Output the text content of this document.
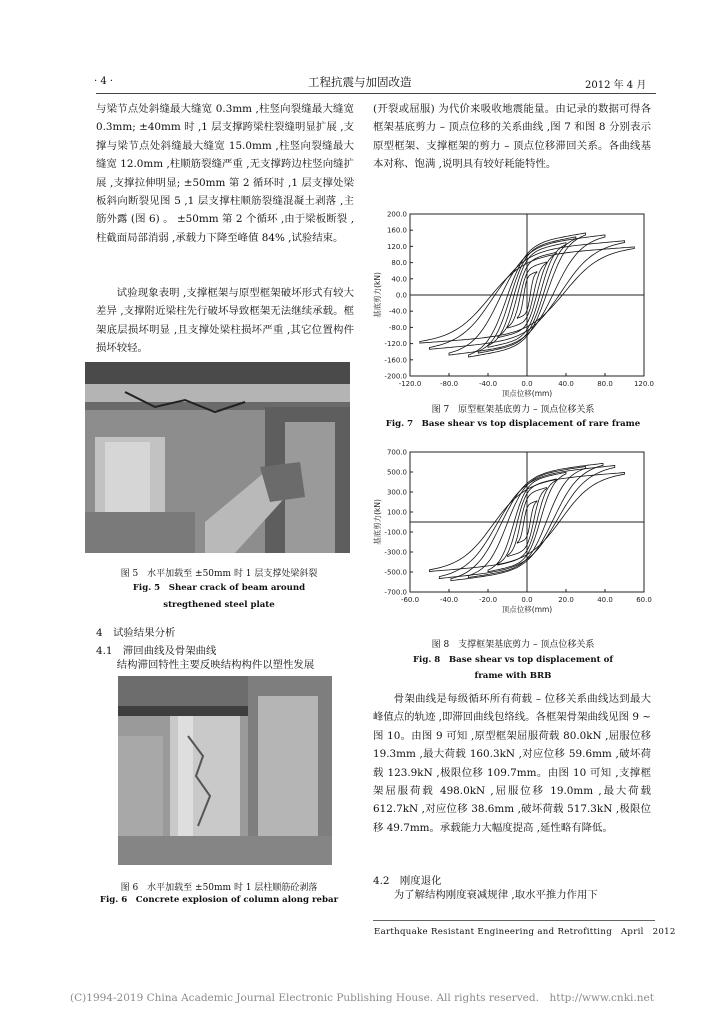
· 4 ·	工程抗震与加固改造	2012 年 4 月

与梁节点处斜缝最大缝宽 0.3mm ,柱竖向裂缝最大缝宽 0.3mm; ±40mm 时 ,1 层支撑跨梁柱裂缝明显扩展 ,支撑与梁节点处斜缝最大缝宽 15.0mm ,柱竖向裂缝最大缝宽 12.0mm ,柱顺筋裂缝严重 ,无支撑跨边柱竖向缝扩展 ,支撑拉伸明显; ±50mm 第 2 循环时 ,1 层支撑处梁板斜向断裂见图 5 ,1 层支撑柱顺筋裂缝混凝土剥落 ,主筋外露 (图 6) 。 ±50mm 第 2 个循环 ,由于梁板断裂 ,柱截面局部消弱 ,承载力下降至峰值 84% ,试验结束。

试验现象表明 ,支撑框架与原型框架破坏形式有较大差异 ,支撑附近梁柱先行破坏导致框架无法继续承载。框架底层损坏明显 ,且支撑处梁柱损坏严重 ,其它位置构件损坏较轻。

图 5　水平加载至 ±50mm 时 1 层支撑处梁斜裂
Fig. 5　Shear crack of beam around
stregthened steel plate
4　试验结果分析
4.1　滞回曲线及骨架曲线

结构滞回特性主要反映结构构件以塑性发展

图 6　水平加载至 ±50mm 时 1 层柱顺筋砼剥落
Fig. 6　Concrete explosion of column along rebar

(开裂或屈服) 为代价来吸收地震能量。由记录的数据可得各框架基底剪力 – 顶点位移的关系曲线 ,图 7 和图 8 分别表示原型框架、支撑框架的剪力 – 顶点位移滞回关系。各曲线基本对称、饱满 ,说明具有较好耗能特性。

-120.0	-80.0	-40.0	0.0	40.0	80.0	120.0
200.0
160.0
120.0
80.0
40.0
0.0
-40.0
-80.0
-120.0
-160.0
-200.0
顶点位移(mm)
基底剪力(kN)
图 7　原型框架基底剪力 – 顶点位移关系
Fig. 7　Base shear vs top displacement of rare frame
-60.0	-40.0	-20.0	0.0	20.0	40.0	60.0
700.0
500.0
300.0
100.0
-100.0
-300.0
-500.0
-700.0
顶点位移(mm)
基底剪力(kN)
图 8　支撑框架基底剪力 – 顶点位移关系
Fig. 8　Base shear vs top displacement of
frame with BRB

骨架曲线是每级循环所有荷载 – 位移关系曲线达到最大峰值点的轨迹 ,即滞回曲线包络线。各框架骨架曲线见图 9 ~ 图 10。由图 9 可知 ,原型框架屈服荷载 80.0kN ,屈服位移 19.3mm ,最大荷载 160.3kN ,对应位移 59.6mm ,破坏荷载 123.9kN ,极限位移 109.7mm。由图 10 可知 ,支撑框架屈服荷载 498.0kN ,屈服位移 19.0mm ,最大荷载 612.7kN ,对应位移 38.6mm ,破坏荷载 517.3kN ,极限位移 49.7mm。承载能力大幅度提高 ,延性略有降低。

4.2　刚度退化

为了解结构刚度衰减规律 ,取水平推力作用下

Earthquake Resistant Engineering and Retrofitting　April　2012
(C)1994-2019 China Academic Journal Electronic Publishing House. All rights reserved.　http://www.cnki.net
